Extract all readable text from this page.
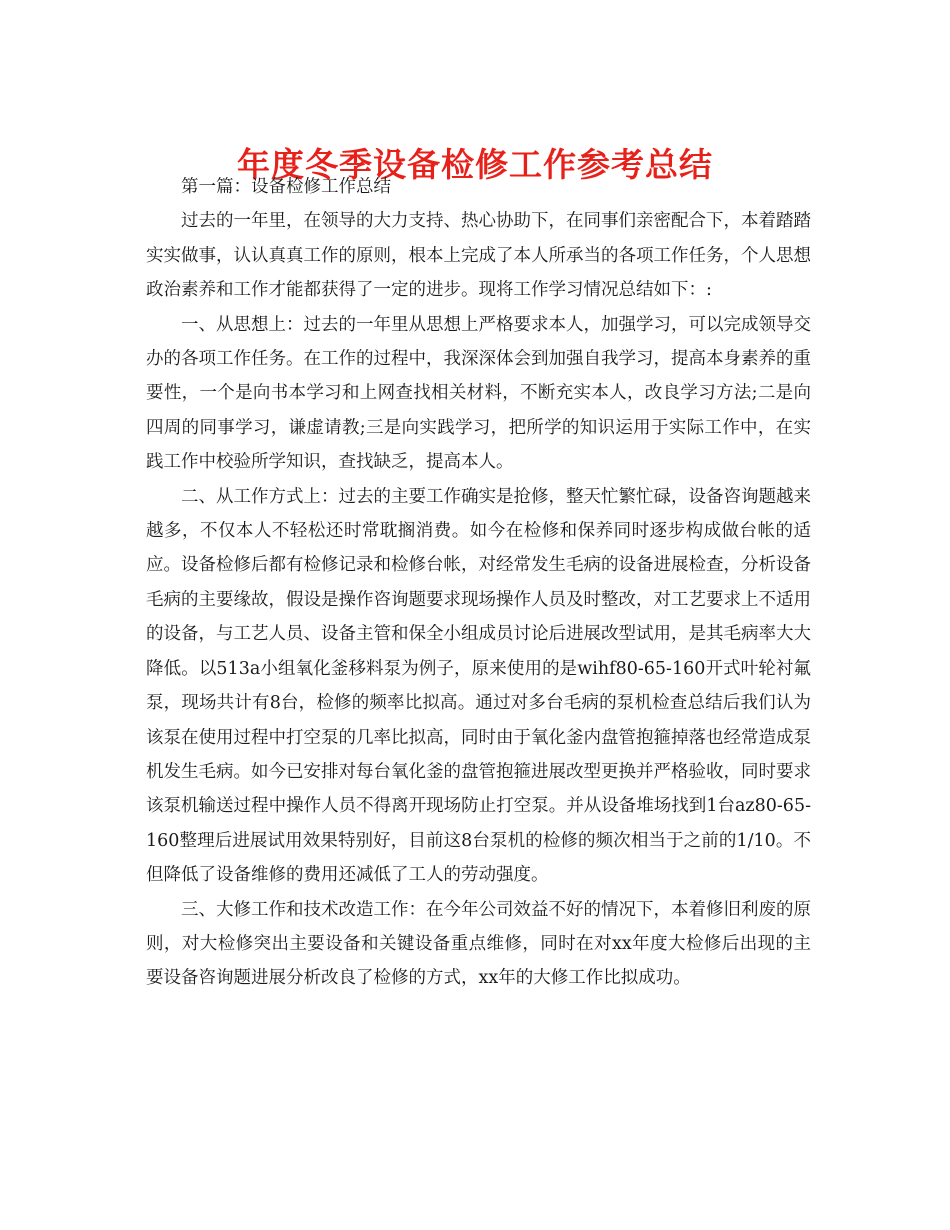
年度冬季设备检修工作参考总结

第一篇：设备检修工作总结

过去的一年里，在领导的大力支持、热心协助下，在同事们亲密配合下，本着踏踏实实做事，认认真真工作的原则，根本上完成了本人所承当的各项工作任务，个人思想政治素养和工作才能都获得了一定的进步。现将工作学习情况总结如下：:

一、从思想上：过去的一年里从思想上严格要求本人，加强学习，可以完成领导交办的各项工作任务。在工作的过程中，我深深体会到加强自我学习，提高本身素养的重要性，一个是向书本学习和上网查找相关材料，不断充实本人，改良学习方法;二是向四周的同事学习，谦虚请教;三是向实践学习，把所学的知识运用于实际工作中，在实践工作中校验所学知识，查找缺乏，提高本人。

二、从工作方式上：过去的主要工作确实是抢修，整天忙繁忙碌，设备咨询题越来越多，不仅本人不轻松还时常耽搁消费。如今在检修和保养同时逐步构成做台帐的适应。设备检修后都有检修记录和检修台帐，对经常发生毛病的设备进展检查，分析设备毛病的主要缘故，假设是操作咨询题要求现场操作人员及时整改，对工艺要求上不适用的设备，与工艺人员、设备主管和保全小组成员讨论后进展改型试用，是其毛病率大大降低。以513a小组氧化釜移料泵为例子，原来使用的是wihf80-65-160开式叶轮衬氟泵，现场共计有8台，检修的频率比拟高。通过对多台毛病的泵机检查总结后我们认为该泵在使用过程中打空泵的几率比拟高，同时由于氧化釜内盘管抱箍掉落也经常造成泵机发生毛病。如今已安排对每台氧化釜的盘管抱箍进展改型更换并严格验收，同时要求该泵机输送过程中操作人员不得离开现场防止打空泵。并从设备堆场找到1台az80-65-160整理后进展试用效果特别好，目前这8台泵机的检修的频次相当于之前的1/10。不但降低了设备维修的费用还减低了工人的劳动强度。

三、大修工作和技术改造工作：在今年公司效益不好的情况下，本着修旧利废的原则，对大检修突出主要设备和关键设备重点维修，同时在对xx年度大检修后出现的主要设备咨询题进展分析改良了检修的方式，xx年的大修工作比拟成功。
